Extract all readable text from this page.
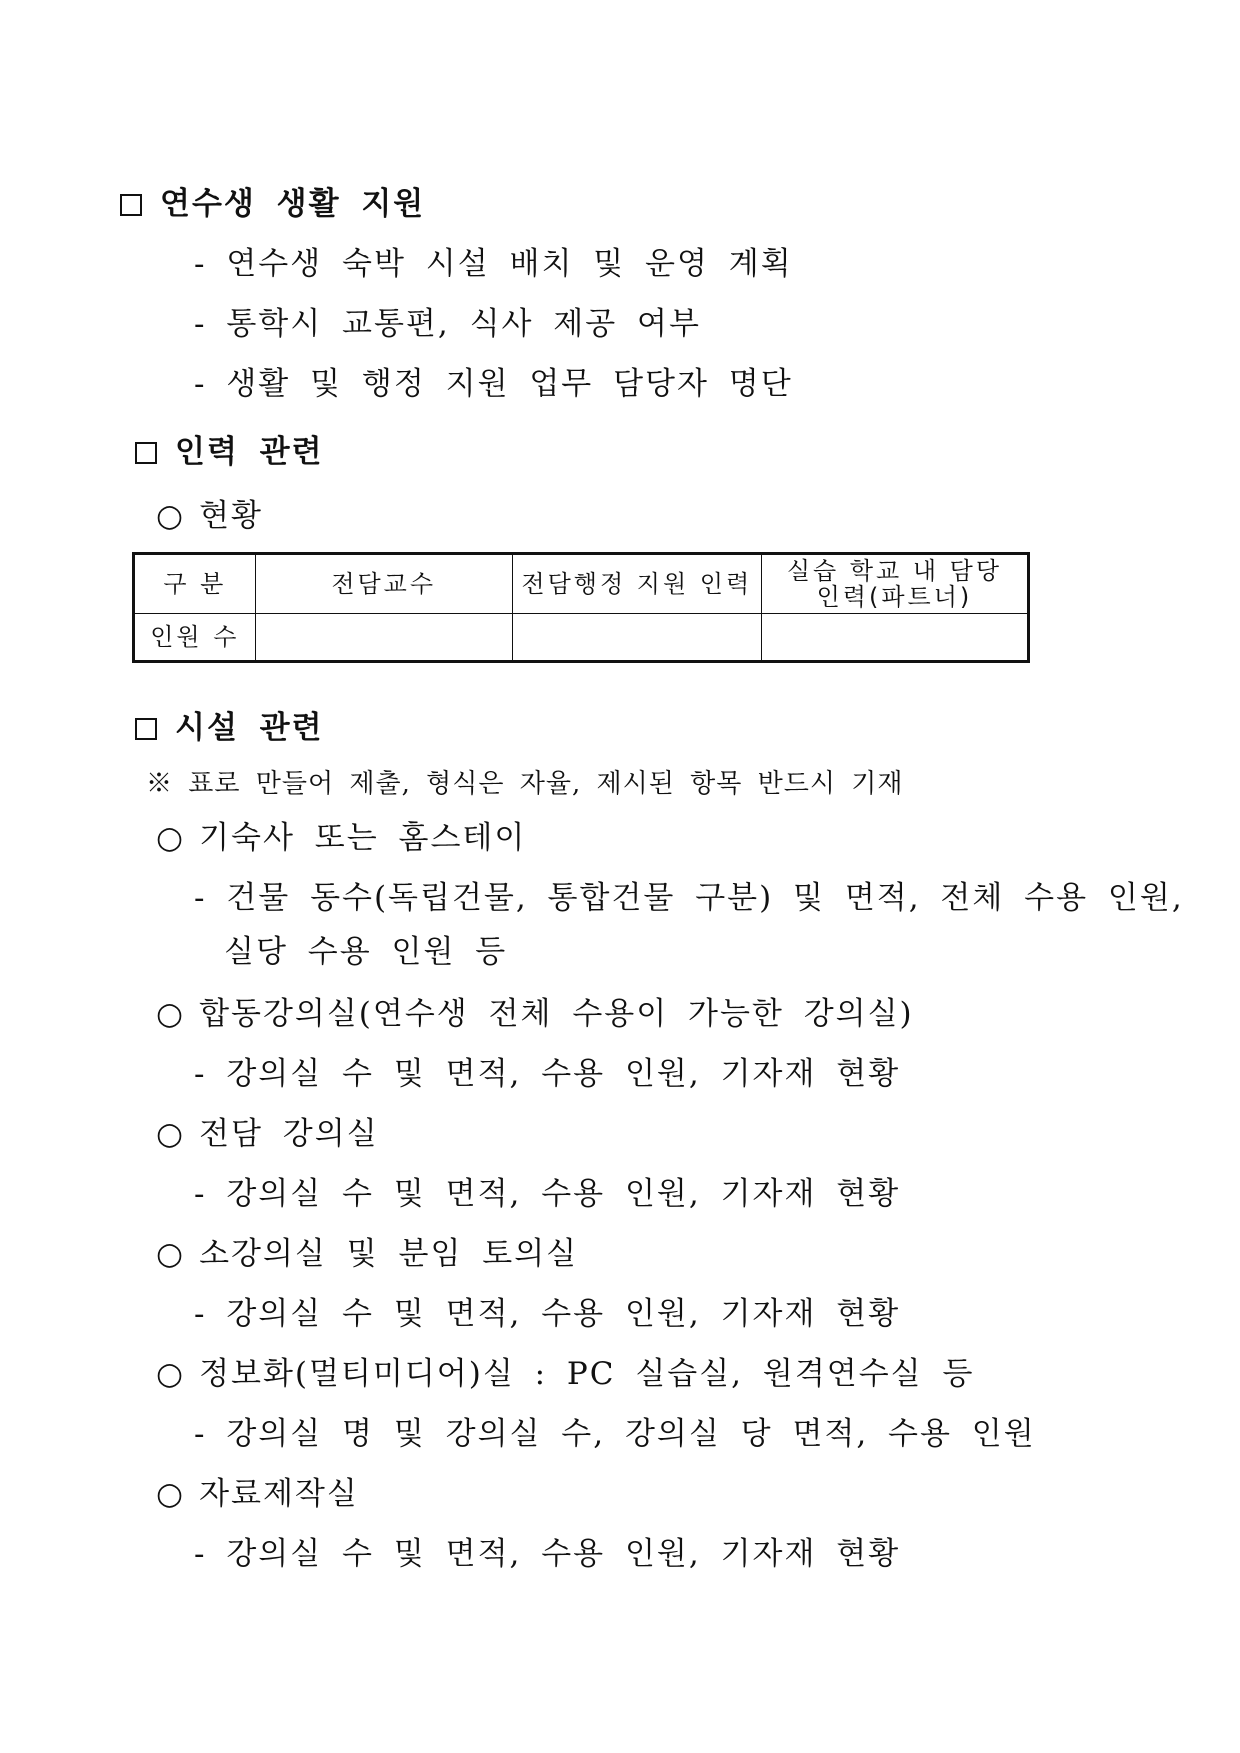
연수생 생활 지원
- 연수생 숙박 시설 배치 및 운영 계획
- 통학시 교통편, 식사 제공 여부
- 생활 및 행정 지원 업무 담당자 명단
인력 관련
○ 현황
구 분	전담교수	전담행정 지원 인력	실습 학교 내 담당
인력(파트너)

인원 수			
시설 관련
※ 표로 만들어 제출, 형식은 자율, 제시된 항목 반드시 기재
○ 기숙사 또는 홈스테이
- 건물 동수(독립건물, 통합건물 구분) 및 면적, 전체 수용 인원,
실당 수용 인원 등
○ 합동강의실(연수생 전체 수용이 가능한 강의실)
- 강의실 수 및 면적, 수용 인원, 기자재 현황
○ 전담 강의실
- 강의실 수 및 면적, 수용 인원, 기자재 현황
○ 소강의실 및 분임 토의실
- 강의실 수 및 면적, 수용 인원, 기자재 현황
○ 정보화(멀티미디어)실 : PC 실습실, 원격연수실 등
- 강의실 명 및 강의실 수, 강의실 당 면적, 수용 인원
○ 자료제작실
- 강의실 수 및 면적, 수용 인원, 기자재 현황
